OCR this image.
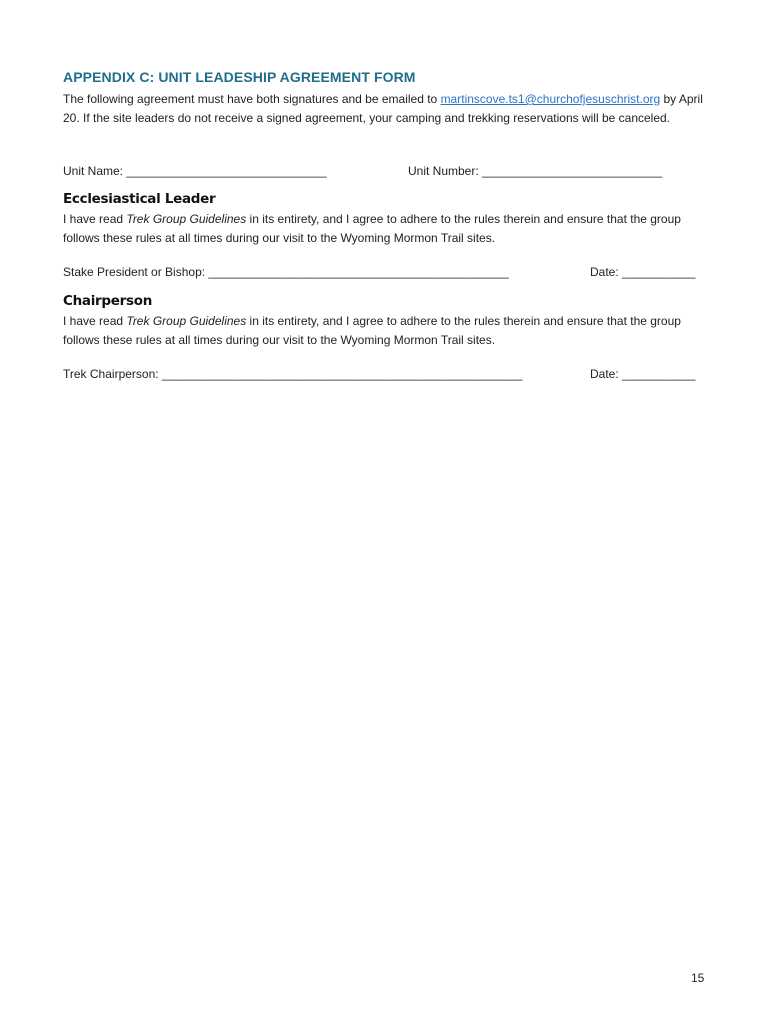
APPENDIX C: UNIT LEADESHIP AGREEMENT FORM
The following agreement must have both signatures and be emailed to martinscove.ts1@churchofjesuschrist.org by April 20. If the site leaders do not receive a signed agreement, your camping and trekking reservations will be canceled.
Unit Name: ______________________________	Unit Number: ___________________________
Ecclesiastical Leader
I have read Trek Group Guidelines in its entirety, and I agree to adhere to the rules therein and ensure that the group follows these rules at all times during our visit to the Wyoming Mormon Trail sites.
Stake President or Bishop: _____________________________________________	Date: ___________
Chairperson
I have read Trek Group Guidelines in its entirety, and I agree to adhere to the rules therein and ensure that the group follows these rules at all times during our visit to the Wyoming Mormon Trail sites.
Trek Chairperson: ______________________________________________________	Date: ___________
15
